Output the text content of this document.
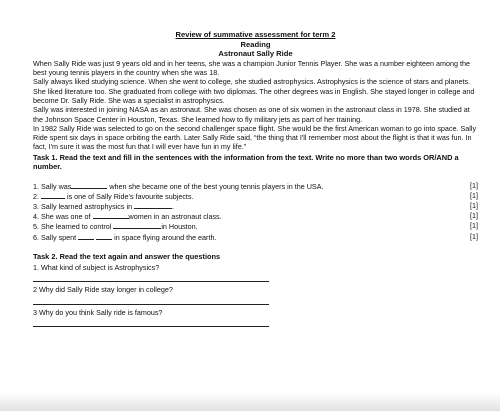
Review of summative assessment for term 2
Reading
Astronaut Sally Ride

When Sally Ride was just 9 years old and in her teens, she was a champion Junior Tennis Player. She was a number eighteen among the best young tennis players in the country when she was 18.

Sally always liked studying science. When she went to college, she studied astrophysics. Astrophysics is the science of stars and planets. She liked literature too. She graduated from college with two diplomas. The other degrees was in English. She stayed longer in college and become Dr. Sally Ride. She was a specialist in astrophysics.

Sally was interested in joining NASA as an astronaut. She was chosen as one of six women in the astronaut class in 1978. She studied at the Johnson Space Center in Houston, Texas. She learned how to fly military jets as part of her training.

In 1982 Sally Ride was selected to go on the second challenger space flight. She would be the first American woman to go into space. Sally Ride spent six days in space orbiting the earth. Later Sally Ride said, “the thing that I'll remember most about the flight is that it was fun. In fact, I'm sure it was the most fun that I will ever have fun in my life.”

Task 1. Read the text and fill in the sentences with the information from the text. Write no more than two words OR/AND a number.
1. Sally was	when she became one of the best young tennis players in the USA.	[1]
2.	is one of Sally Ride’s favourite subjects.	[1]
3. Sally learned astrophysics in	.	[1]
4. She was one of	women in an astronaut class.	[1]
5. She learned to control	in Houston.	[1]
6. Sally spent	in space flying around the earth.	[1]
Task 2. Read the text again and answer the questions
1. What kind of subject is Astrophysics?
2 Why did Sally Ride stay longer in college?
3 Why do you think Sally ride is famous?
